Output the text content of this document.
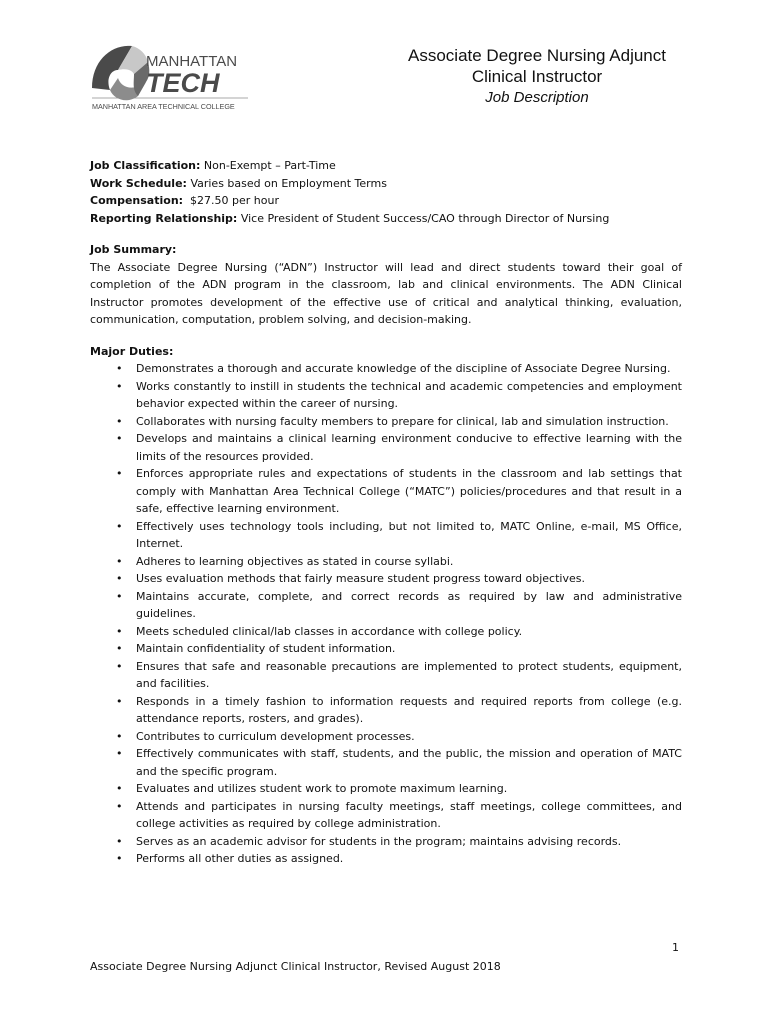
MANHATTAN
TECH
MANHATTAN AREA TECHNICAL COLLEGE
Associate Degree Nursing Adjunct
Clinical Instructor
Job Description
Job Classification: Non-Exempt – Part-Time
Work Schedule: Varies based on Employment Terms
Compensation: $27.50 per hour
Reporting Relationship: Vice President of Student Success/CAO through Director of Nursing
Job Summary:
The Associate Degree Nursing (“ADN”) Instructor will lead and direct students toward their goal of completion of the ADN program in the classroom, lab and clinical environments. The ADN Clinical Instructor promotes development of the effective use of critical and analytical thinking, evaluation, communication, computation, problem solving, and decision-making.
Major Duties:
• Demonstrates a thorough and accurate knowledge of the discipline of Associate Degree Nursing.
• Works constantly to instill in students the technical and academic competencies and employment behavior expected within the career of nursing.
• Collaborates with nursing faculty members to prepare for clinical, lab and simulation instruction.
• Develops and maintains a clinical learning environment conducive to effective learning with the limits of the resources provided.
• Enforces appropriate rules and expectations of students in the classroom and lab settings that comply with Manhattan Area Technical College (“MATC”) policies/procedures and that result in a safe, effective learning environment.
• Effectively uses technology tools including, but not limited to, MATC Online, e-mail, MS Office, Internet.
• Adheres to learning objectives as stated in course syllabi.
• Uses evaluation methods that fairly measure student progress toward objectives.
• Maintains accurate, complete, and correct records as required by law and administrative guidelines.
• Meets scheduled clinical/lab classes in accordance with college policy.
• Maintain confidentiality of student information.
• Ensures that safe and reasonable precautions are implemented to protect students, equipment, and facilities.
• Responds in a timely fashion to information requests and required reports from college (e.g. attendance reports, rosters, and grades).
• Contributes to curriculum development processes.
• Effectively communicates with staff, students, and the public, the mission and operation of MATC and the specific program.
• Evaluates and utilizes student work to promote maximum learning.
• Attends and participates in nursing faculty meetings, staff meetings, college committees, and college activities as required by college administration.
• Serves as an academic advisor for students in the program; maintains advising records.
• Performs all other duties as assigned.
1
Associate Degree Nursing Adjunct Clinical Instructor, Revised August 2018
